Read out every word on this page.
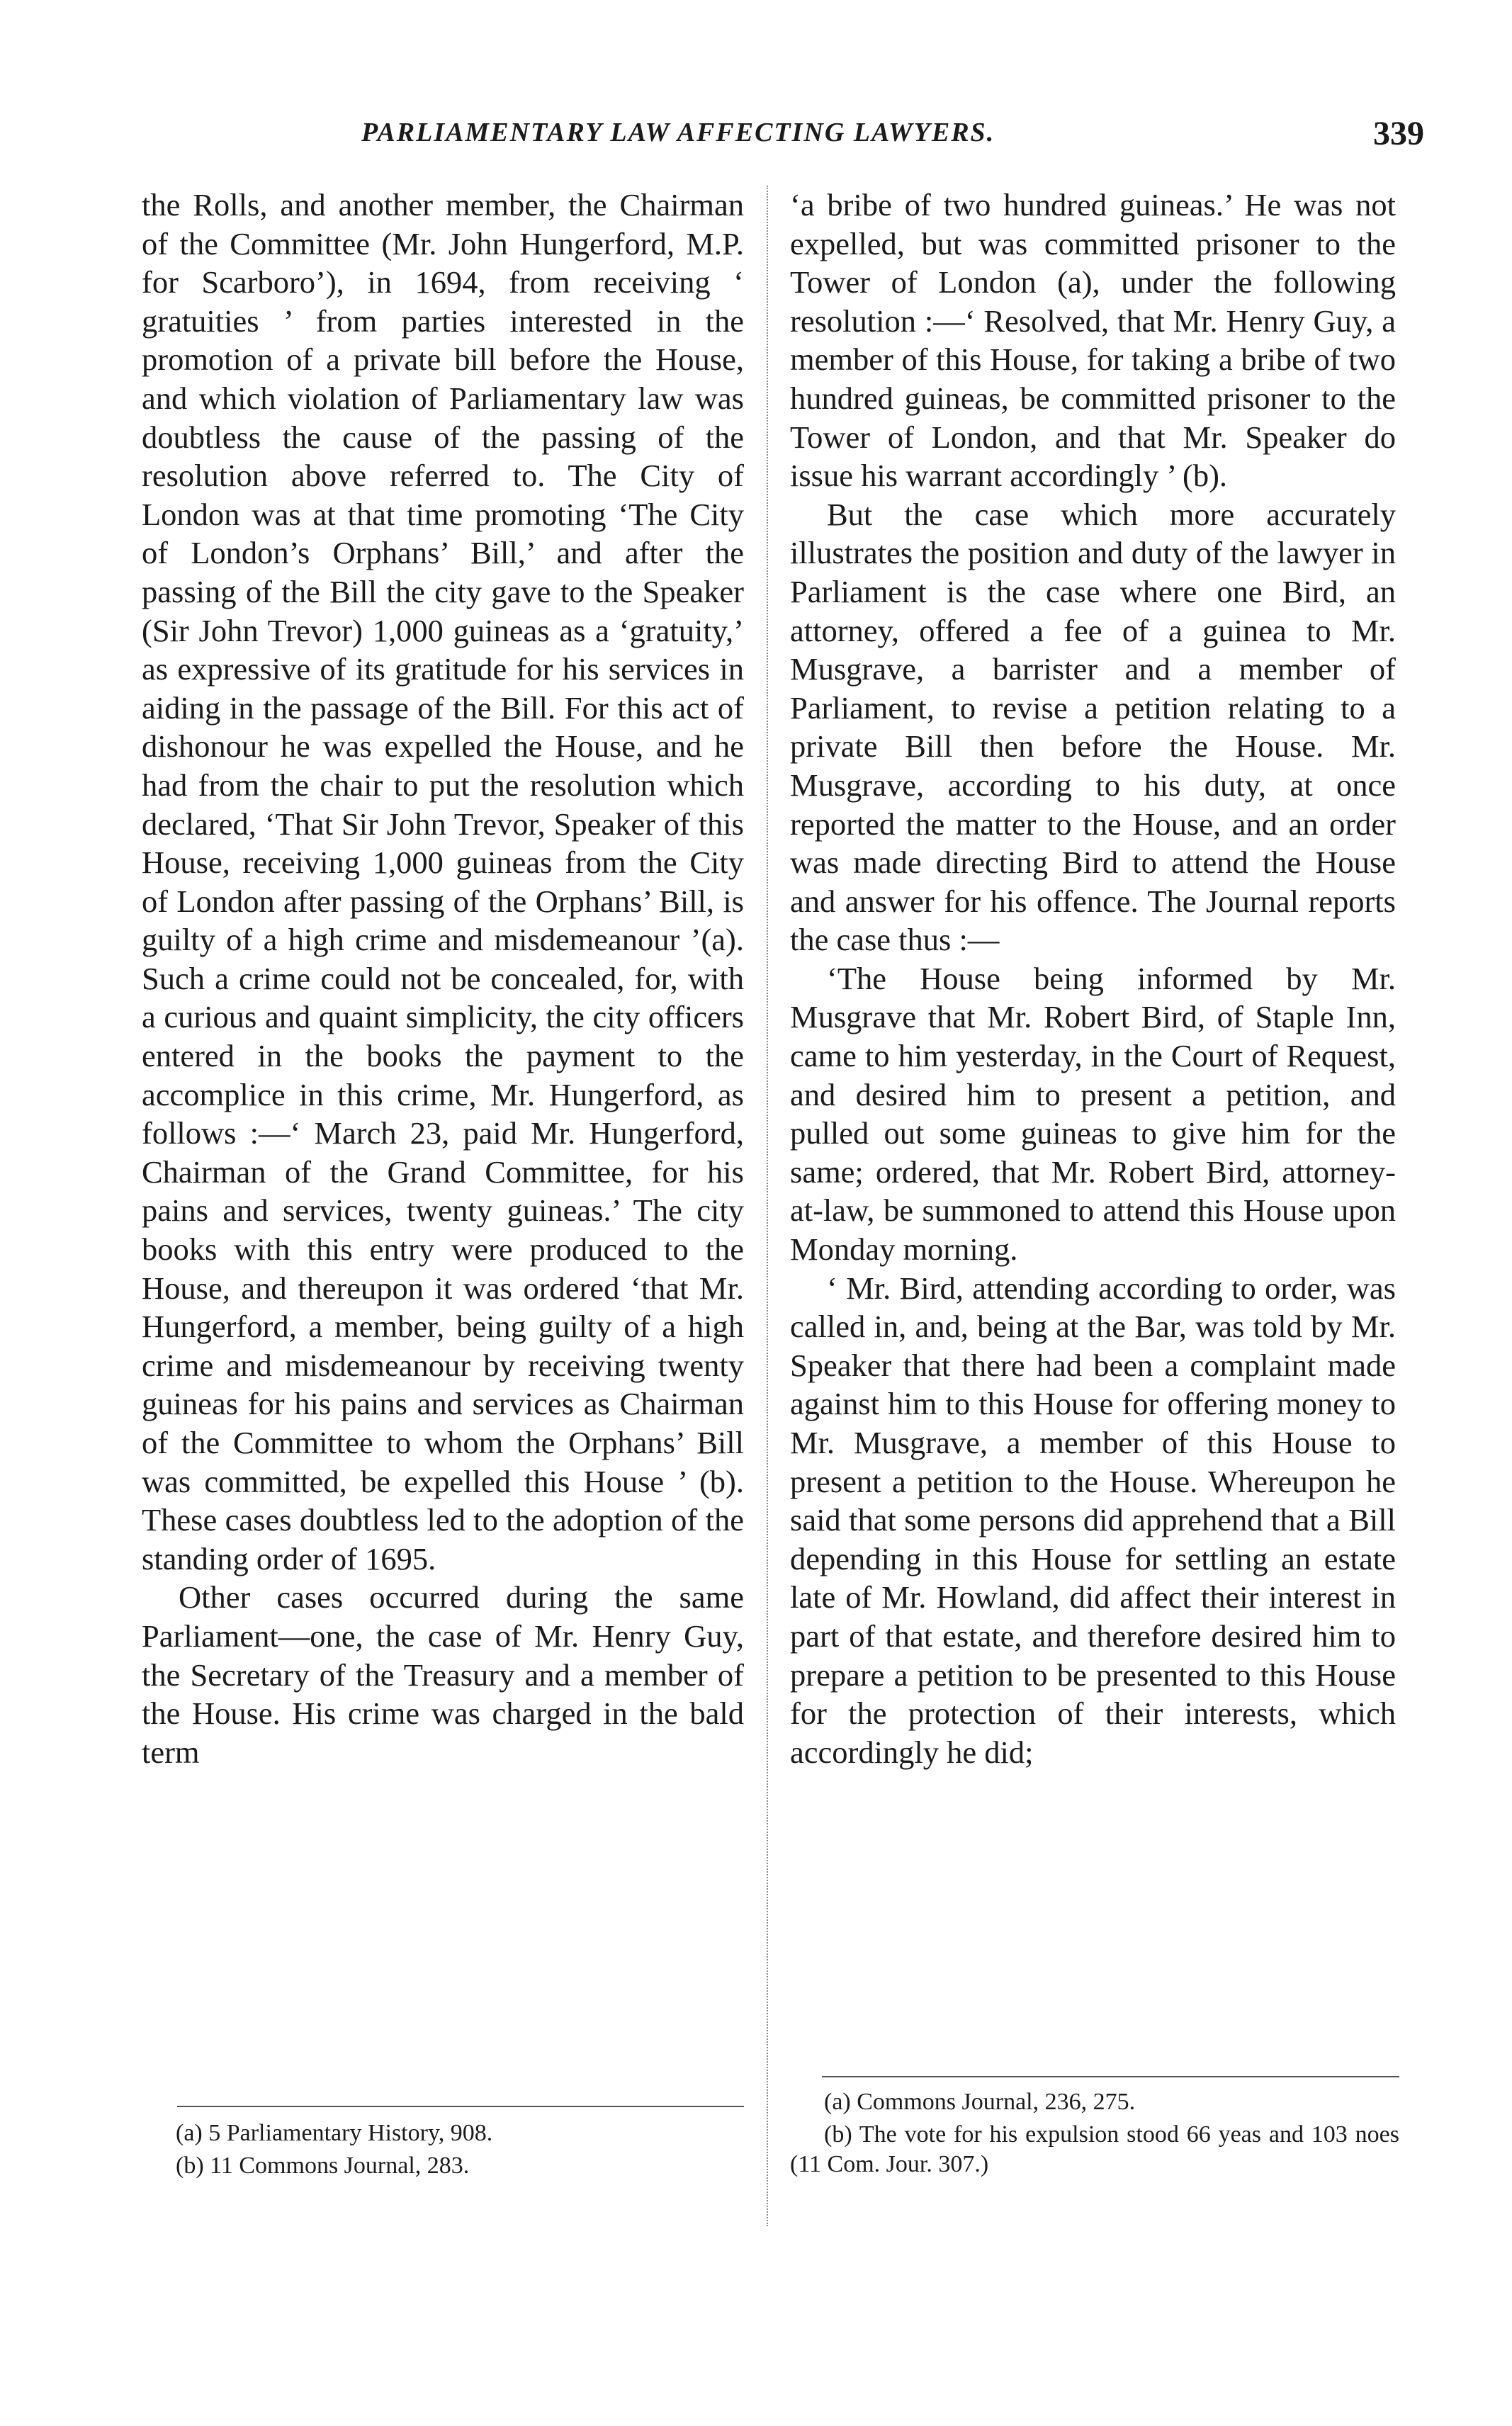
PARLIAMENTARY LAW AFFECTING LAWYERS.	339

the Rolls, and another member, the Chairman of the Committee (Mr. John Hungerford, M.P. for Scarboro’), in 1694, from receiving ‘ gratuities ’ from parties interested in the promotion of a private bill before the House, and which violation of Parliamentary law was doubtless the cause of the passing of the resolution above referred to. The City of London was at that time promoting ‘The City of London’s Orphans’ Bill,’ and after the passing of the Bill the city gave to the Speaker (Sir John Trevor) 1,000 guineas as a ‘gratuity,’ as expressive of its gratitude for his services in aiding in the passage of the Bill. For this act of dishonour he was expelled the House, and he had from the chair to put the resolution which declared, ‘That Sir John Trevor, Speaker of this House, receiving 1,000 guineas from the City of London after passing of the Orphans’ Bill, is guilty of a high crime and misdemeanour ’(a). Such a crime could not be concealed, for, with a curious and quaint simplicity, the city officers entered in the books the payment to the accomplice in this crime, Mr. Hungerford, as follows :—‘ March 23, paid Mr. Hungerford, Chairman of the Grand Committee, for his pains and services, twenty guineas.’ The city books with this entry were produced to the House, and thereupon it was ordered ‘that Mr. Hungerford, a member, being guilty of a high crime and misdemeanour by receiving twenty guineas for his pains and services as Chairman of the Committee to whom the Orphans’ Bill was committed, be expelled this House ’ (b). These cases doubtless led to the adoption of the standing order of 1695.

Other cases occurred during the same Parliament—one, the case of Mr. Henry Guy, the Secretary of the Treasury and a member of the House. His crime was charged in the bald term

‘a bribe of two hundred guineas.’ He was not expelled, but was committed prisoner to the Tower of London (a), under the following resolution :—‘ Resolved, that Mr. Henry Guy, a member of this House, for taking a bribe of two hundred guineas, be committed prisoner to the Tower of London, and that Mr. Speaker do issue his warrant accordingly ’ (b).

But the case which more accurately illustrates the position and duty of the lawyer in Parliament is the case where one Bird, an attorney, offered a fee of a guinea to Mr. Musgrave, a barrister and a member of Parliament, to revise a petition relating to a private Bill then before the House. Mr. Musgrave, according to his duty, at once reported the matter to the House, and an order was made directing Bird to attend the House and answer for his offence. The Journal reports the case thus :—

‘The House being informed by Mr. Musgrave that Mr. Robert Bird, of Staple Inn, came to him yesterday, in the Court of Request, and desired him to present a petition, and pulled out some guineas to give him for the same; ordered, that Mr. Robert Bird, attorney-at-law, be summoned to attend this House upon Monday morning.

‘ Mr. Bird, attending according to order, was called in, and, being at the Bar, was told by Mr. Speaker that there had been a complaint made against him to this House for offering money to Mr. Musgrave, a member of this House to present a petition to the House. Whereupon he said that some persons did apprehend that a Bill depending in this House for settling an estate late of Mr. Howland, did affect their interest in part of that estate, and therefore desired him to prepare a petition to be presented to this House for the protection of their interests, which accordingly he did;

(a) 5 Parliamentary History, 908.

(b) 11 Commons Journal, 283.

(a) Commons Journal, 236, 275.

(b) The vote for his expulsion stood 66 yeas and 103 noes (11 Com. Jour. 307.)
